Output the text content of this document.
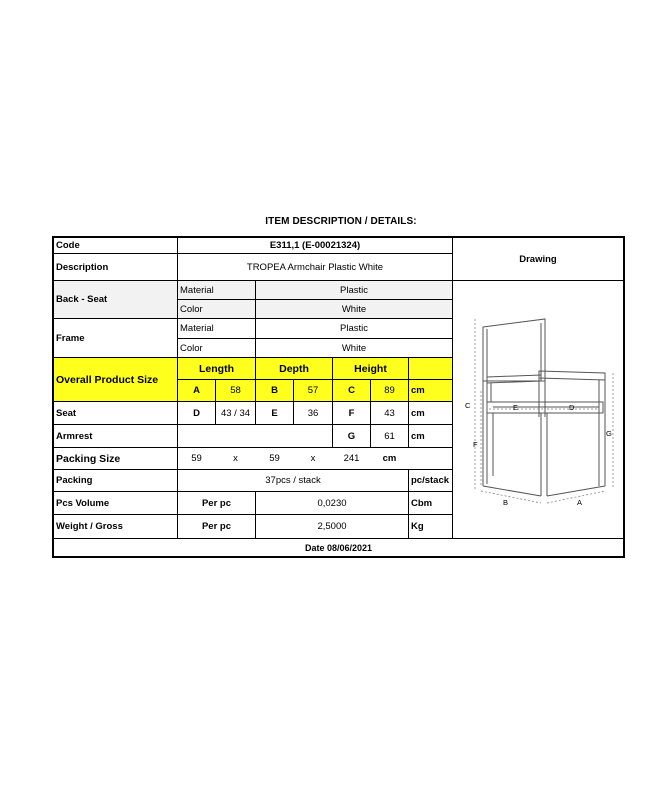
ITEM DESCRIPTION / DETAILS:
Code	E311,1 (E-00021324)
Drawing
Description	TROPEA Armchair Plastic White
Back - Seat
Material	Plastic
Color	White
Frame
Material	Plastic
Color	White
Overall Product Size
Length	Depth	Height
A	58	B	57	C	89	cm
Seat	D	43 / 34	E	36	F	43	cm
Armrest	G	61	cm
Packing Size	59	x	59	x	241	cm
Packing	37pcs / stack	pc/stack
Pcs Volume	Per pc	0,0230	Cbm
Weight / Gross	Per pc	2,5000	Kg
Date 08/06/2021
C	E	D
F
G
B	A
